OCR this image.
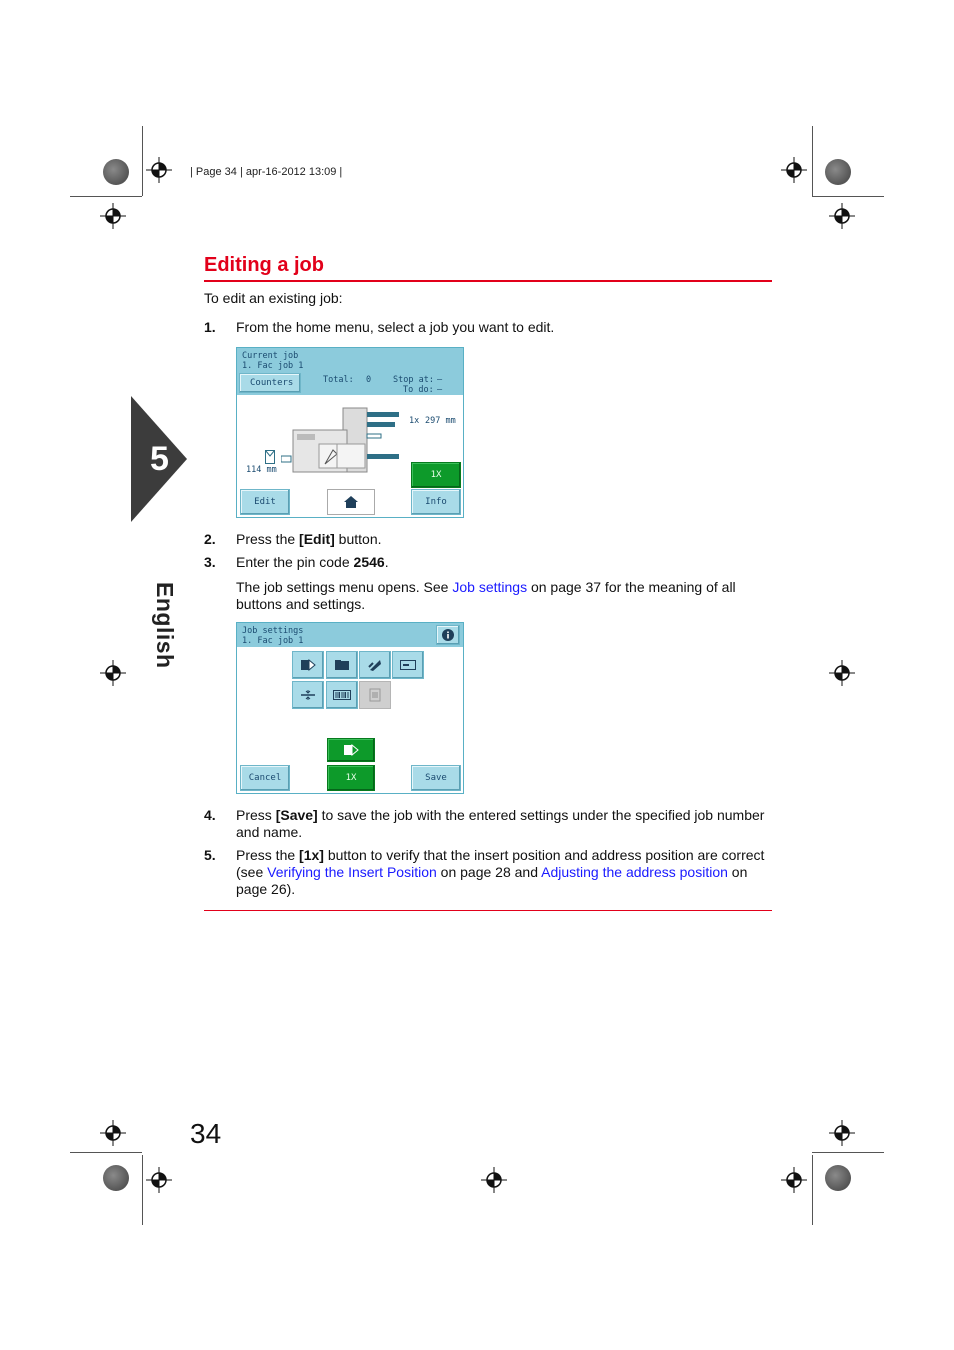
| Page 34 | apr-16-2012 13:09 |
5
English
Editing a job
To edit an existing job:
1. From the home menu, select a job you want to edit.
Current job
1. Fac job 1
Counters	Total: 0	Stop at: –
To do: –
1x 297 mm
114 mm	1X
Edit	Info
2. Press the [Edit] button.
3. Enter the pin code 2546.
The job settings menu opens. See Job settings on page 37 for the meaning of all buttons and settings.
Job settings
1. Fac job 1
Cancel	1X	Save
4. Press [Save] to save the job with the entered settings under the specified job number and name.
5. Press the [1x] button to verify that the insert position and address position are correct (see Verifying the Insert Position on page 28 and Adjusting the address position on page 26).
34
